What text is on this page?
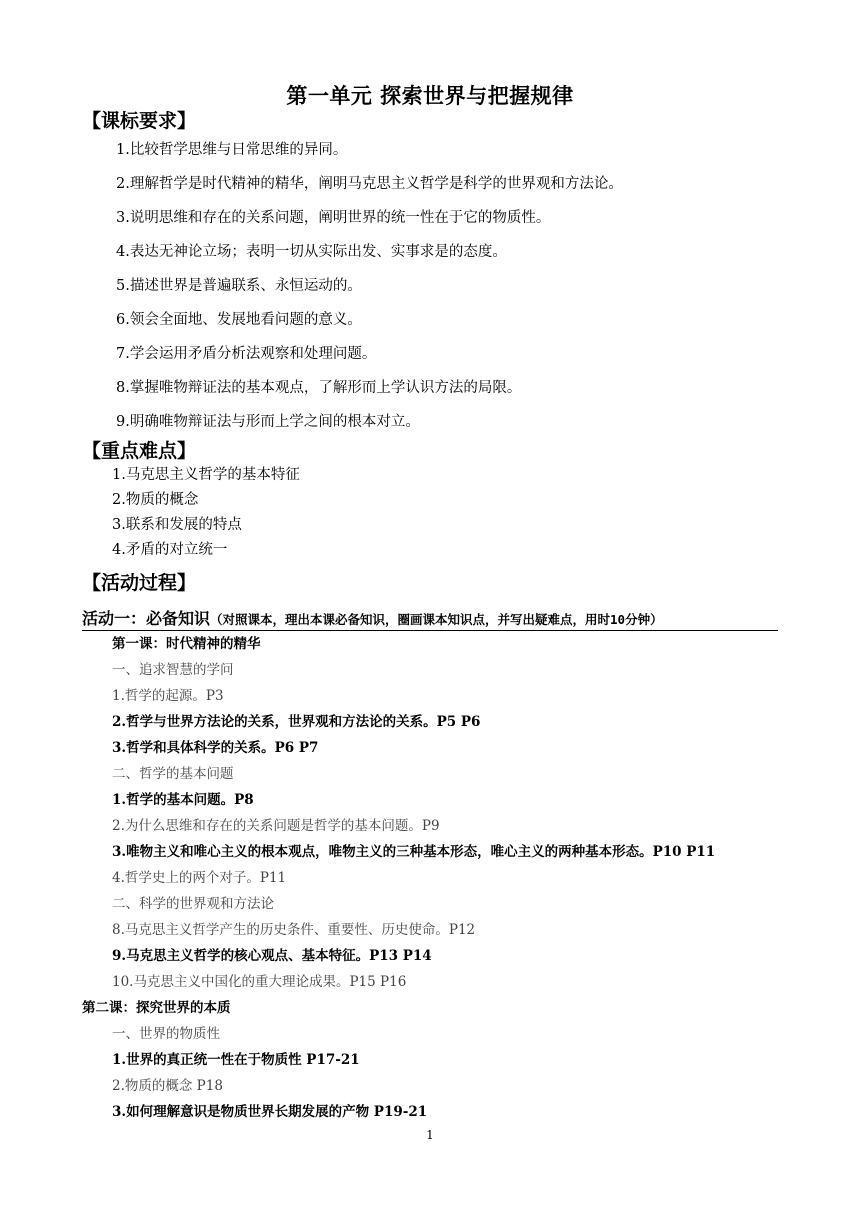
第一单元 探索世界与把握规律
【课标要求】
1.比较哲学思维与日常思维的异同。
2.理解哲学是时代精神的精华，阐明马克思主义哲学是科学的世界观和方法论。
3.说明思维和存在的关系问题，阐明世界的统一性在于它的物质性。
4.表达无神论立场；表明一切从实际出发、实事求是的态度。
5.描述世界是普遍联系、永恒运动的。
6.领会全面地、发展地看问题的意义。
7.学会运用矛盾分析法观察和处理问题。
8.掌握唯物辩证法的基本观点，了解形而上学认识方法的局限。
9.明确唯物辩证法与形而上学之间的根本对立。
【重点难点】
1.马克思主义哲学的基本特征
2.物质的概念
3.联系和发展的特点
4.矛盾的对立统一
【活动过程】
活动一：必备知识（对照课本，理出本课必备知识，圈画课本知识点，并写出疑难点，用时10分钟）
第一课：时代精神的精华
一、追求智慧的学问
1.哲学的起源。P3
2.哲学与世界方法论的关系，世界观和方法论的关系。P5 P6
3.哲学和具体科学的关系。P6 P7
二、哲学的基本问题
1.哲学的基本问题。P8
2.为什么思维和存在的关系问题是哲学的基本问题。P9
3.唯物主义和唯心主义的根本观点，唯物主义的三种基本形态，唯心主义的两种基本形态。P10 P11
4.哲学史上的两个对子。P11
二、科学的世界观和方法论
8.马克思主义哲学产生的历史条件、重要性、历史使命。P12
9.马克思主义哲学的核心观点、基本特征。P13 P14
10.马克思主义中国化的重大理论成果。P15 P16
第二课：探究世界的本质
一、世界的物质性
1.世界的真正统一性在于物质性 P17-21
2.物质的概念 P18
3.如何理解意识是物质世界长期发展的产物 P19-21
1
